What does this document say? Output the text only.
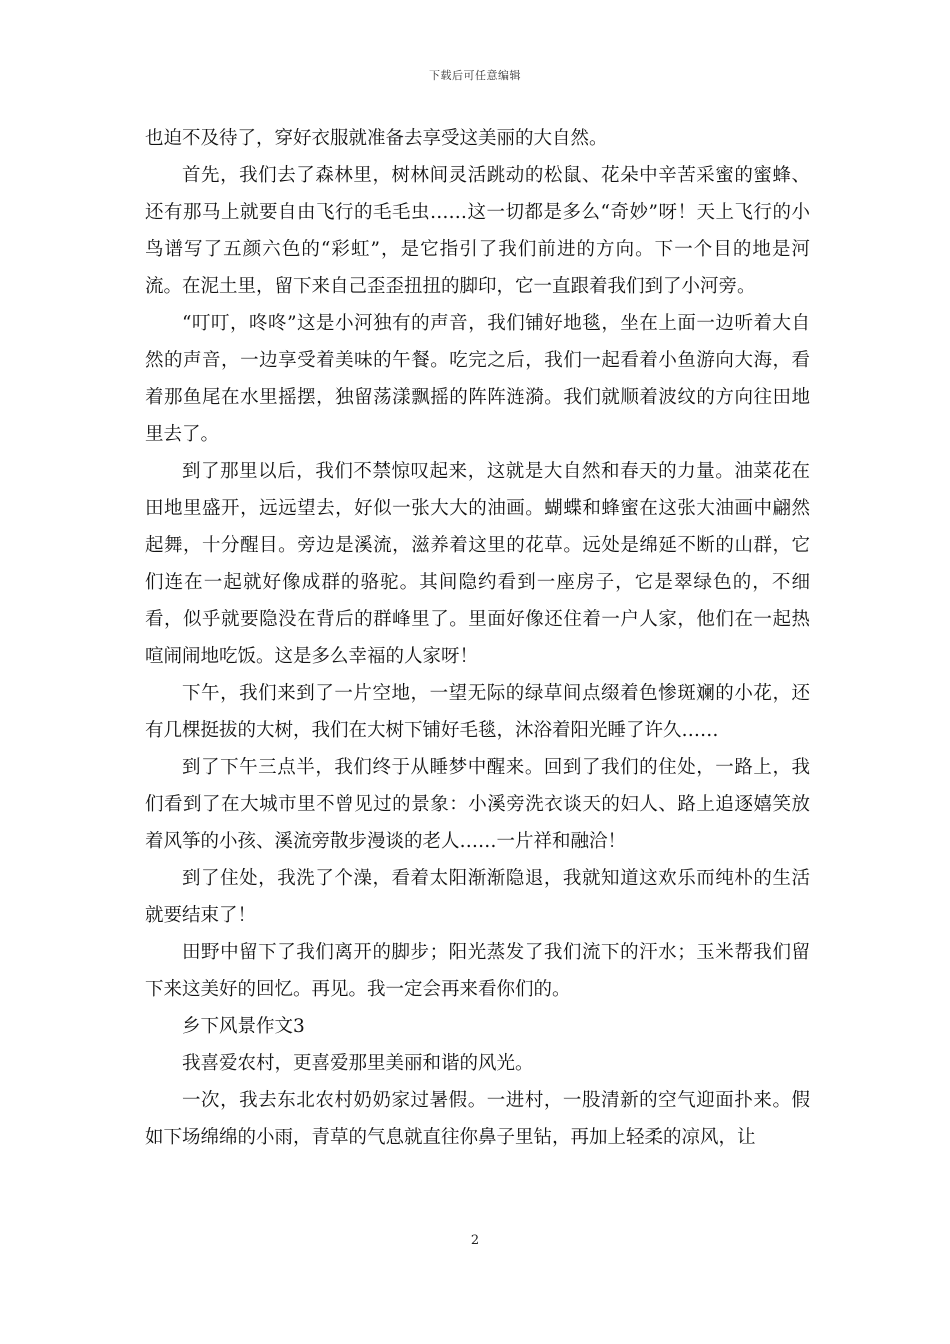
下载后可任意编辑

也迫不及待了，穿好衣服就准备去享受这美丽的大自然。

首先，我们去了森林里，树林间灵活跳动的松鼠、花朵中辛苦采蜜的蜜蜂、还有那马上就要自由飞行的毛毛虫……这一切都是多么“奇妙”呀！天上飞行的小鸟谱写了五颜六色的“彩虹”，是它指引了我们前进的方向。下一个目的地是河流。在泥土里，留下来自己歪歪扭扭的脚印，它一直跟着我们到了小河旁。

“叮叮，咚咚”这是小河独有的声音，我们铺好地毯，坐在上面一边听着大自然的声音，一边享受着美味的午餐。吃完之后，我们一起看着小鱼游向大海，看着那鱼尾在水里摇摆，独留荡漾飘摇的阵阵涟漪。我们就顺着波纹的方向往田地里去了。

到了那里以后，我们不禁惊叹起来，这就是大自然和春天的力量。油菜花在田地里盛开，远远望去，好似一张大大的油画。蝴蝶和蜂蜜在这张大油画中翩然起舞，十分醒目。旁边是溪流，滋养着这里的花草。远处是绵延不断的山群，它们连在一起就好像成群的骆驼。其间隐约看到一座房子，它是翠绿色的，不细看，似乎就要隐没在背后的群峰里了。里面好像还住着一户人家，他们在一起热喧闹闹地吃饭。这是多么幸福的人家呀！

下午，我们来到了一片空地，一望无际的绿草间点缀着色惨斑斓的小花，还有几棵挺拔的大树，我们在大树下铺好毛毯，沐浴着阳光睡了许久……

到了下午三点半，我们终于从睡梦中醒来。回到了我们的住处，一路上，我们看到了在大城市里不曾见过的景象：小溪旁洗衣谈天的妇人、路上追逐嬉笑放着风筝的小孩、溪流旁散步漫谈的老人……一片祥和融洽！

到了住处，我洗了个澡，看着太阳渐渐隐退，我就知道这欢乐而纯朴的生活就要结束了！

田野中留下了我们离开的脚步；阳光蒸发了我们流下的汗水；玉米帮我们留下来这美好的回忆。再见。我一定会再来看你们的。

乡下风景作文3

我喜爱农村，更喜爱那里美丽和谐的风光。

一次，我去东北农村奶奶家过暑假。一进村，一股清新的空气迎面扑来。假如下场绵绵的小雨，青草的气息就直往你鼻子里钻，再加上轻柔的凉风，让

2
